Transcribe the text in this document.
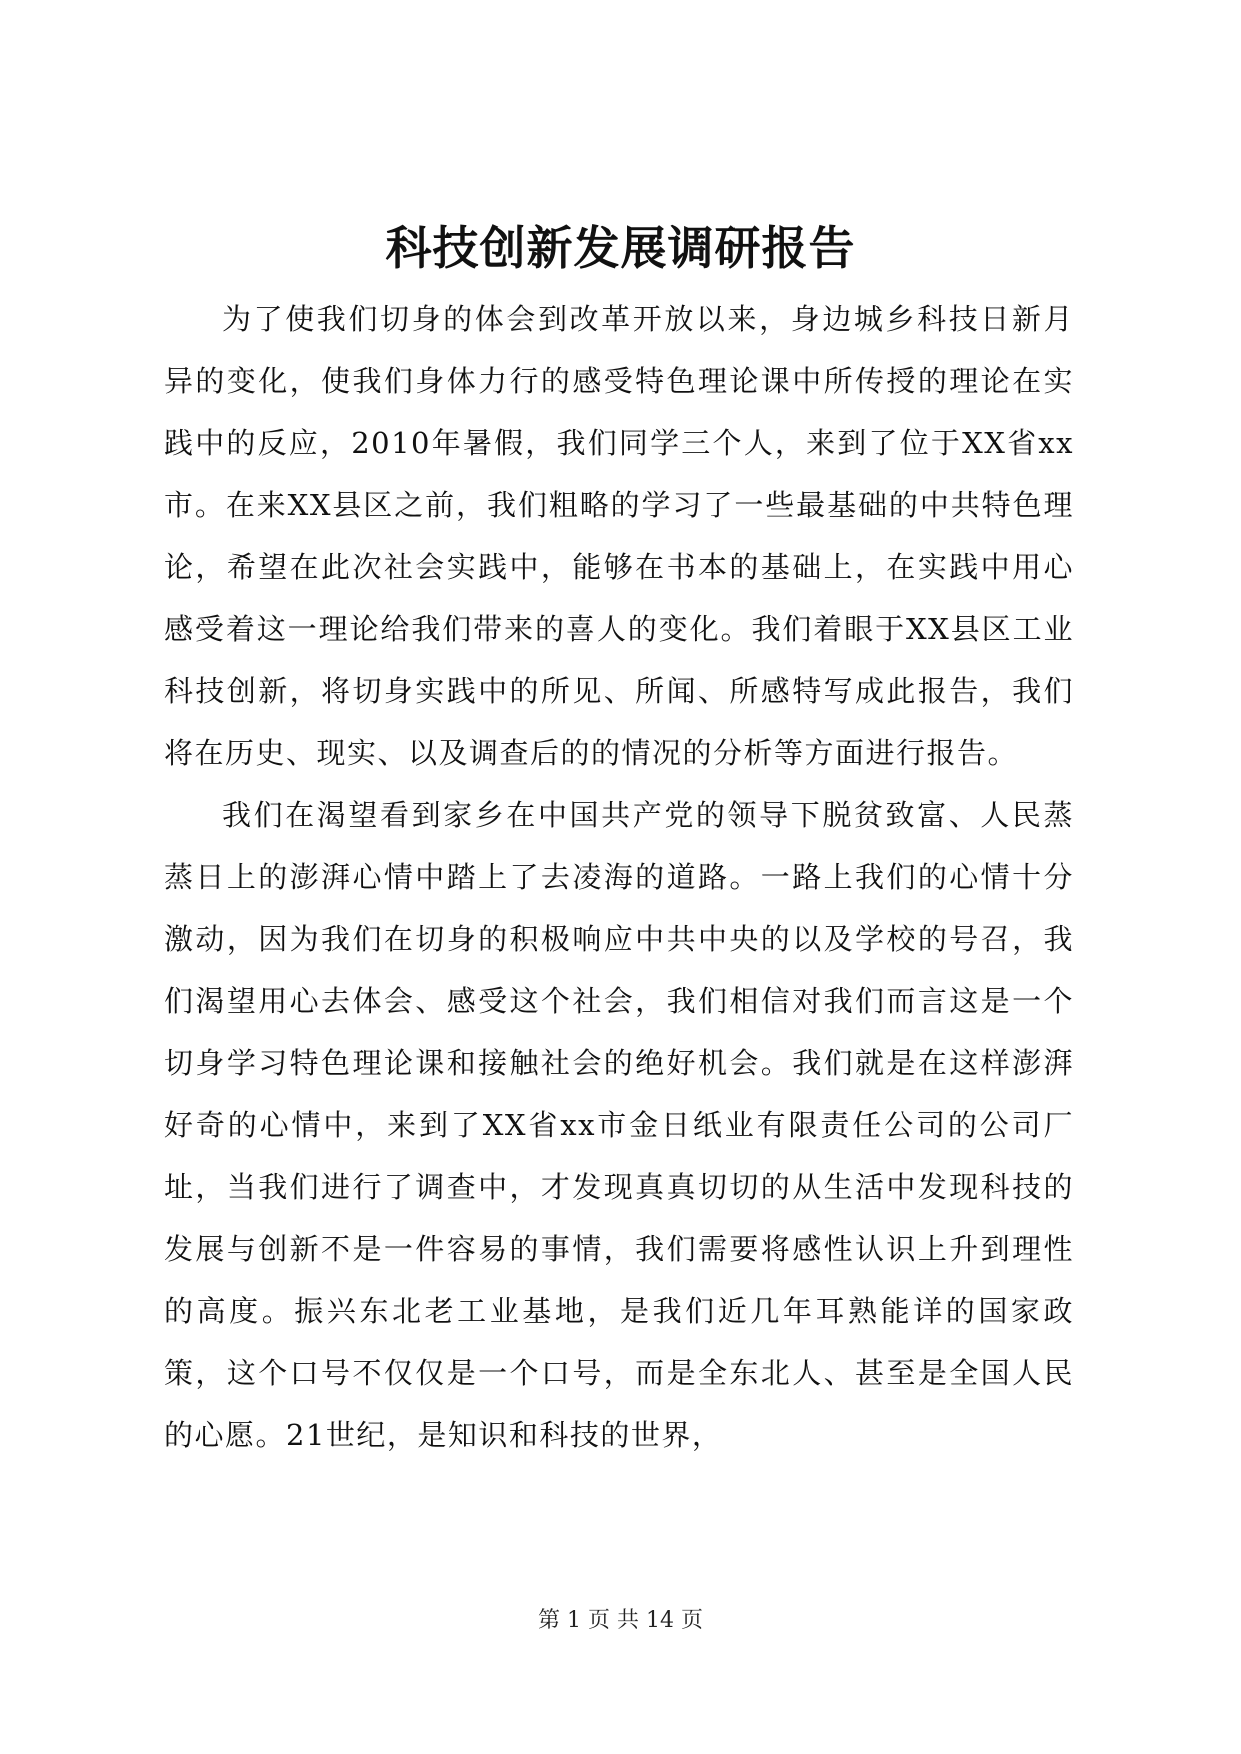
科技创新发展调研报告

为了使我们切身的体会到改革开放以来，身边城乡科技日新月异的变化，使我们身体力行的感受特色理论课中所传授的理论在实践中的反应，2010年暑假，我们同学三个人，来到了位于XX省xx市。在来XX县区之前，我们粗略的学习了一些最基础的中共特色理论，希望在此次社会实践中，能够在书本的基础上，在实践中用心感受着这一理论给我们带来的喜人的变化。我们着眼于XX县区工业科技创新，将切身实践中的所见、所闻、所感特写成此报告，我们将在历史、现实、以及调查后的的情况的分析等方面进行报告。

我们在渴望看到家乡在中国共产党的领导下脱贫致富、人民蒸蒸日上的澎湃心情中踏上了去凌海的道路。一路上我们的心情十分激动，因为我们在切身的积极响应中共中央的以及学校的号召，我们渴望用心去体会、感受这个社会，我们相信对我们而言这是一个切身学习特色理论课和接触社会的绝好机会。我们就是在这样澎湃好奇的心情中，来到了XX省xx市金日纸业有限责任公司的公司厂址，当我们进行了调查中，才发现真真切切的从生活中发现科技的发展与创新不是一件容易的事情，我们需要将感性认识上升到理性的高度。振兴东北老工业基地，是我们近几年耳熟能详的国家政策，这个口号不仅仅是一个口号，而是全东北人、甚至是全国人民的心愿。21世纪，是知识和科技的世界，

第 1 页 共 14 页
